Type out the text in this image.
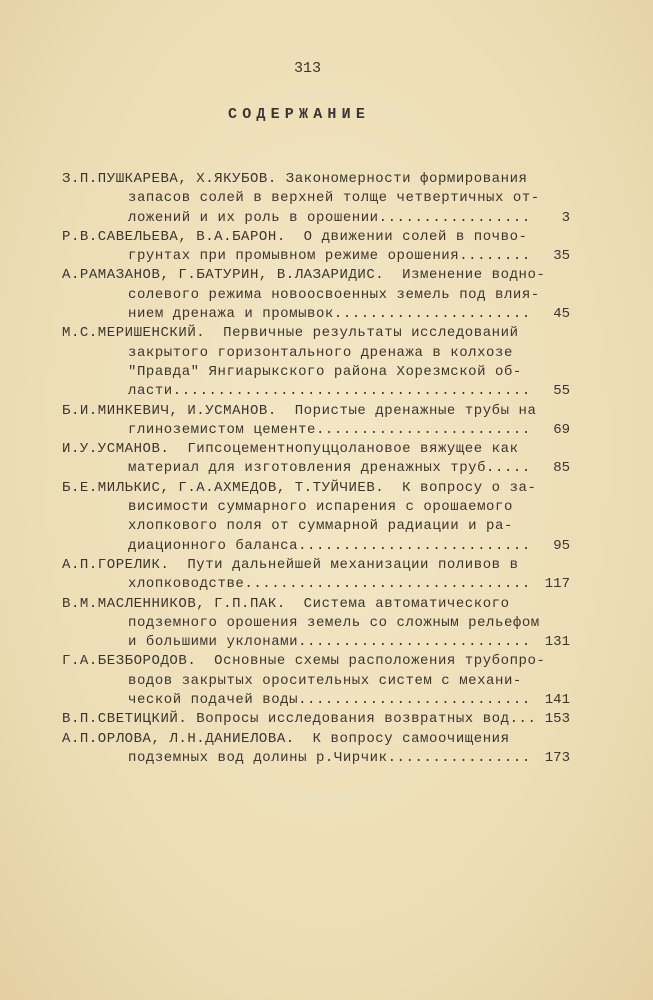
313
СОДЕРЖАНИЕ
З.П.ПУШКАРЕВА, Х.ЯКУБОВ. Закономерности формирования
запасов солей в верхней толще четвертичных от-
ложений и их роль в орошении.................	3
Р.В.САВЕЛЬЕВА, В.А.БАРОН.  О движении солей в почво-
грунтах при промывном режиме орошения........	35
А.РАМАЗАНОВ, Г.БАТУРИН, В.ЛАЗАРИДИС.  Изменение водно-
солевого режима новоосвоенных земель под влия-
нием дренажа и промывок......................	45
М.С.МЕРИШЕНСКИЙ.  Первичные результаты исследований
закрытого горизонтального дренажа в колхозе
"Правда" Янгиарыкского района Хорезмской об-
ласти........................................	55
Б.И.МИНКЕВИЧ, И.УСМАНОВ.  Пористые дренажные трубы на
глиноземистом цементе........................	69
И.У.УСМАНОВ.  Гипсоцементнопуццолановое вяжущее как
материал для изготовления дренажных труб.....	85
Б.Е.МИЛЬКИС, Г.А.АХМЕДОВ, Т.ТУЙЧИЕВ.  К вопросу о за-
висимости суммарного испарения с орошаемого
хлопкового поля от суммарной радиации и ра-
диационного баланса..........................	95
А.П.ГОРЕЛИК.  Пути дальнейшей механизации поливов в
хлопководстве................................ 117
В.М.МАСЛЕННИКОВ, Г.П.ПАК.  Система автоматического
подземного орошения земель со сложным рельефом
и большими уклонами.......................... 131
Г.А.БЕЗБОРОДОВ.  Основные схемы расположения трубопро-
водов закрытых оросительных систем с механи-
ческой подачей воды.......................... 141
В.П.СВЕТИЦКИЙ. Вопросы исследования возвратных вод... 153
А.П.ОРЛОВА, Л.Н.ДАНИЕЛОВА.  К вопросу самоочищения
подземных вод долины р.Чирчик................ 173
